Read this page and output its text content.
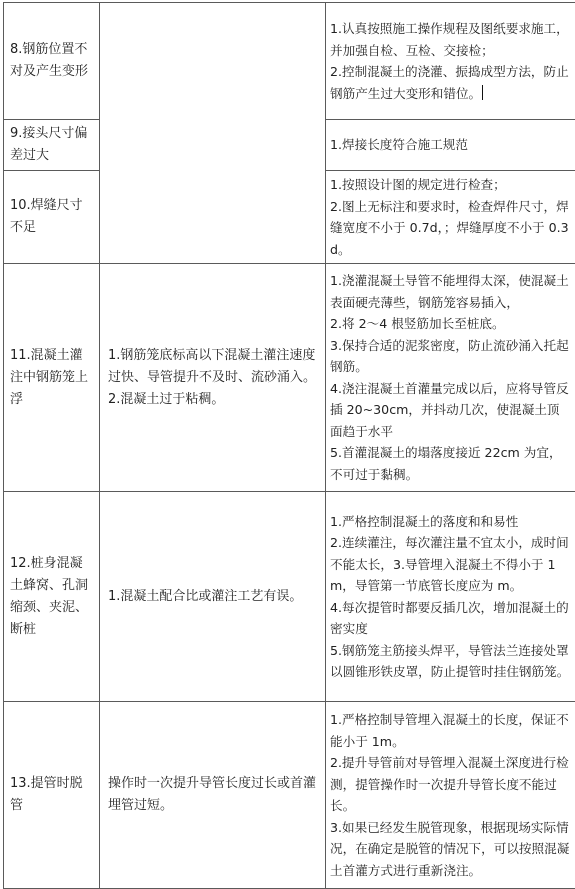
8.钢筋位置不对及产生变形		1.认真按照施工操作规程及图纸要求施工，并加强自检、互检、交接检；
2.控制混凝土的浇灌、振捣成型方法，防止钢筋产生过大变形和错位。

9.接头尺寸偏差过大		1.焊接长度符合施工规范

10.焊缝尺寸不足		1.按照设计图的规定进行检查；
2.图上无标注和要求时，检查焊件尺寸，焊缝宽度不小于 0.7d，；焊缝厚度不小于 0.3d。

11.混凝土灌注中钢筋笼上浮	1.钢筋笼底标高以下混凝土灌注速度过快、导管提升不及时、流砂涌入。
2.混凝土过于粘稠。	1.浇灌混凝土导管不能埋得太深，使混凝土表面硬壳薄些，钢筋笼容易插入，
2.将 2～4 根竖筋加长至桩底。
3.保持合适的泥浆密度，防止流砂涌入托起钢筋。
4.浇注混凝土首灌量完成以后，应将导管反插 20~30cm，并抖动几次，使混凝土顶面趋于水平
5.首灌混凝土的塌落度接近 22cm 为宜，不可过于黏稠。

12.桩身混凝土蜂窝、孔洞缩颈、夹泥、断桩	1.混凝土配合比或灌注工艺有误。	1.严格控制混凝土的落度和和易性
2.连续灌注，每次灌注量不宜太小，成时间不能太长，3.导管埋入混凝土不得小于 1m，导管第一节底管长度应为 m。
4.每次提管时都要反插几次，增加混凝土的密实度
5.钢筋笼主筋接头焊平，导管法兰连接处罩以圆锥形铁皮罩，防止提管时挂住钢筋笼。

13.提管时脱管	操作时一次提升导管长度过长或首灌埋管过短。	1.严格控制导管埋入混凝土的长度，保证不能小于 1m。
2.提升导管前对导管埋入混凝土深度进行检测，提管操作时一次提升导管长度不能过长。
3.如果已经发生脱管现象，根据现场实际情况，在确定是脱管的情况下，可以按照混凝土首灌方式进行重新浇注。
